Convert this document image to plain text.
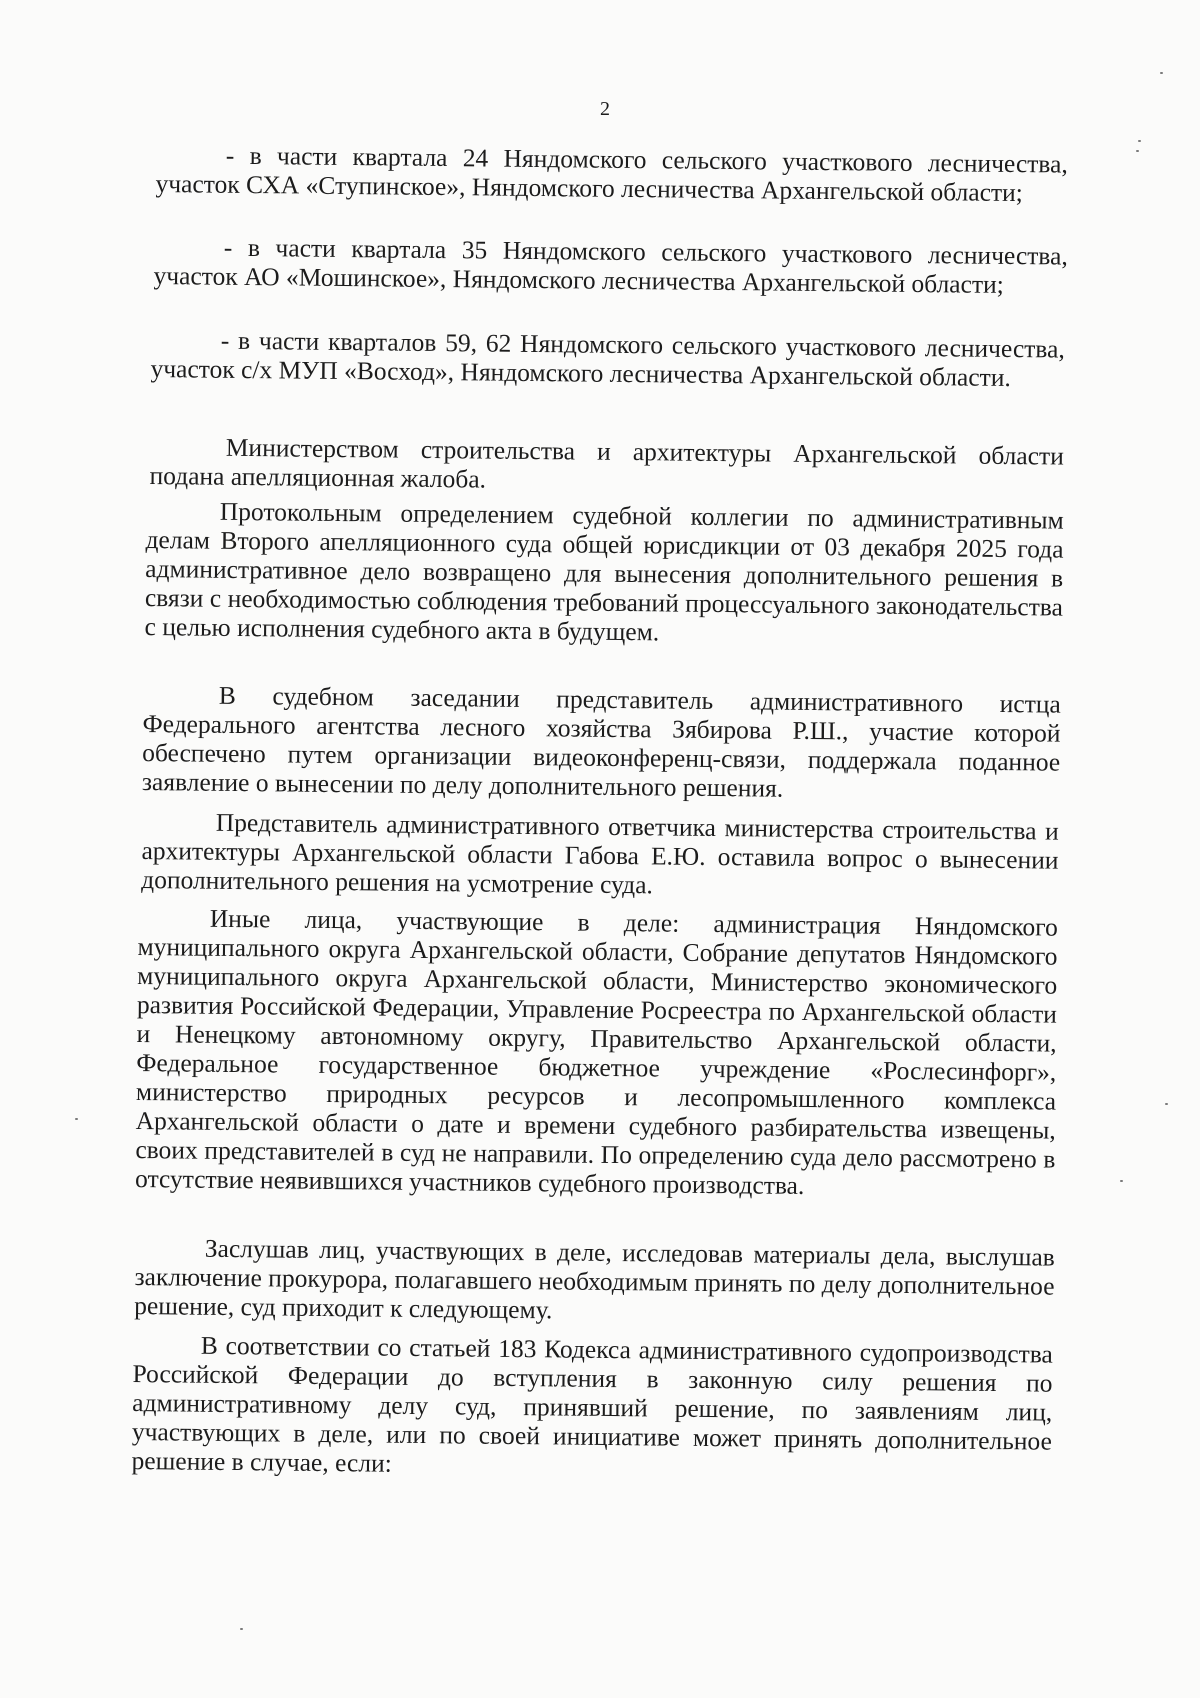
2

- в части квартала 24 Няндомского сельского участкового лесничества, участок СХА «Ступинское», Няндомского лесничества Архангельской области;

- в части квартала 35 Няндомского сельского участкового лесничества, участок АО «Мошинское», Няндомского лесничества Архангельской области;

- в части кварталов 59, 62 Няндомского сельского участкового лесничества, участок с/х МУП «Восход», Няндомского лесничества Архангельской области.

Министерством строительства и архитектуры Архангельской области подана апелляционная жалоба.

Протокольным определением судебной коллегии по административным делам Второго апелляционного суда общей юрисдикции от 03 декабря 2025 года административное дело возвращено для вынесения дополнительного решения в связи с необходимостью соблюдения требований процессуального законодательства с целью исполнения судебного акта в будущем.

В судебном заседании представитель административного истца Федерального агентства лесного хозяйства Зябирова Р.Ш., участие которой обеспечено путем организации видеоконференц-связи, поддержала поданное заявление о вынесении по делу дополнительного решения.

Представитель административного ответчика министерства строительства и архитектуры Архангельской области Габова Е.Ю. оставила вопрос о вынесении дополнительного решения на усмотрение суда.

Иные лица, участвующие в деле: администрация Няндомского муниципального округа Архангельской области, Собрание депутатов Няндомского муниципального округа Архангельской области, Министерство экономического развития Российской Федерации, Управление Росреестра по Архангельской области и Ненецкому автономному округу, Правительство Архангельской области, Федеральное государственное бюджетное учреждение «Рослесинфорг», министерство природных ресурсов и лесопромышленного комплекса Архангельской области о дате и времени судебного разбирательства извещены, своих представителей в суд не направили. По определению суда дело рассмотрено в отсутствие неявившихся участников судебного производства.

Заслушав лиц, участвующих в деле, исследовав материалы дела, выслушав заключение прокурора, полагавшего необходимым принять по делу дополнительное решение, суд приходит к следующему.

В соответствии со статьей 183 Кодекса административного судопроизводства Российской Федерации до вступления в законную силу решения по административному делу суд, принявший решение, по заявлениям лиц, участвующих в деле, или по своей инициативе может принять дополнительное решение в случае, если:
